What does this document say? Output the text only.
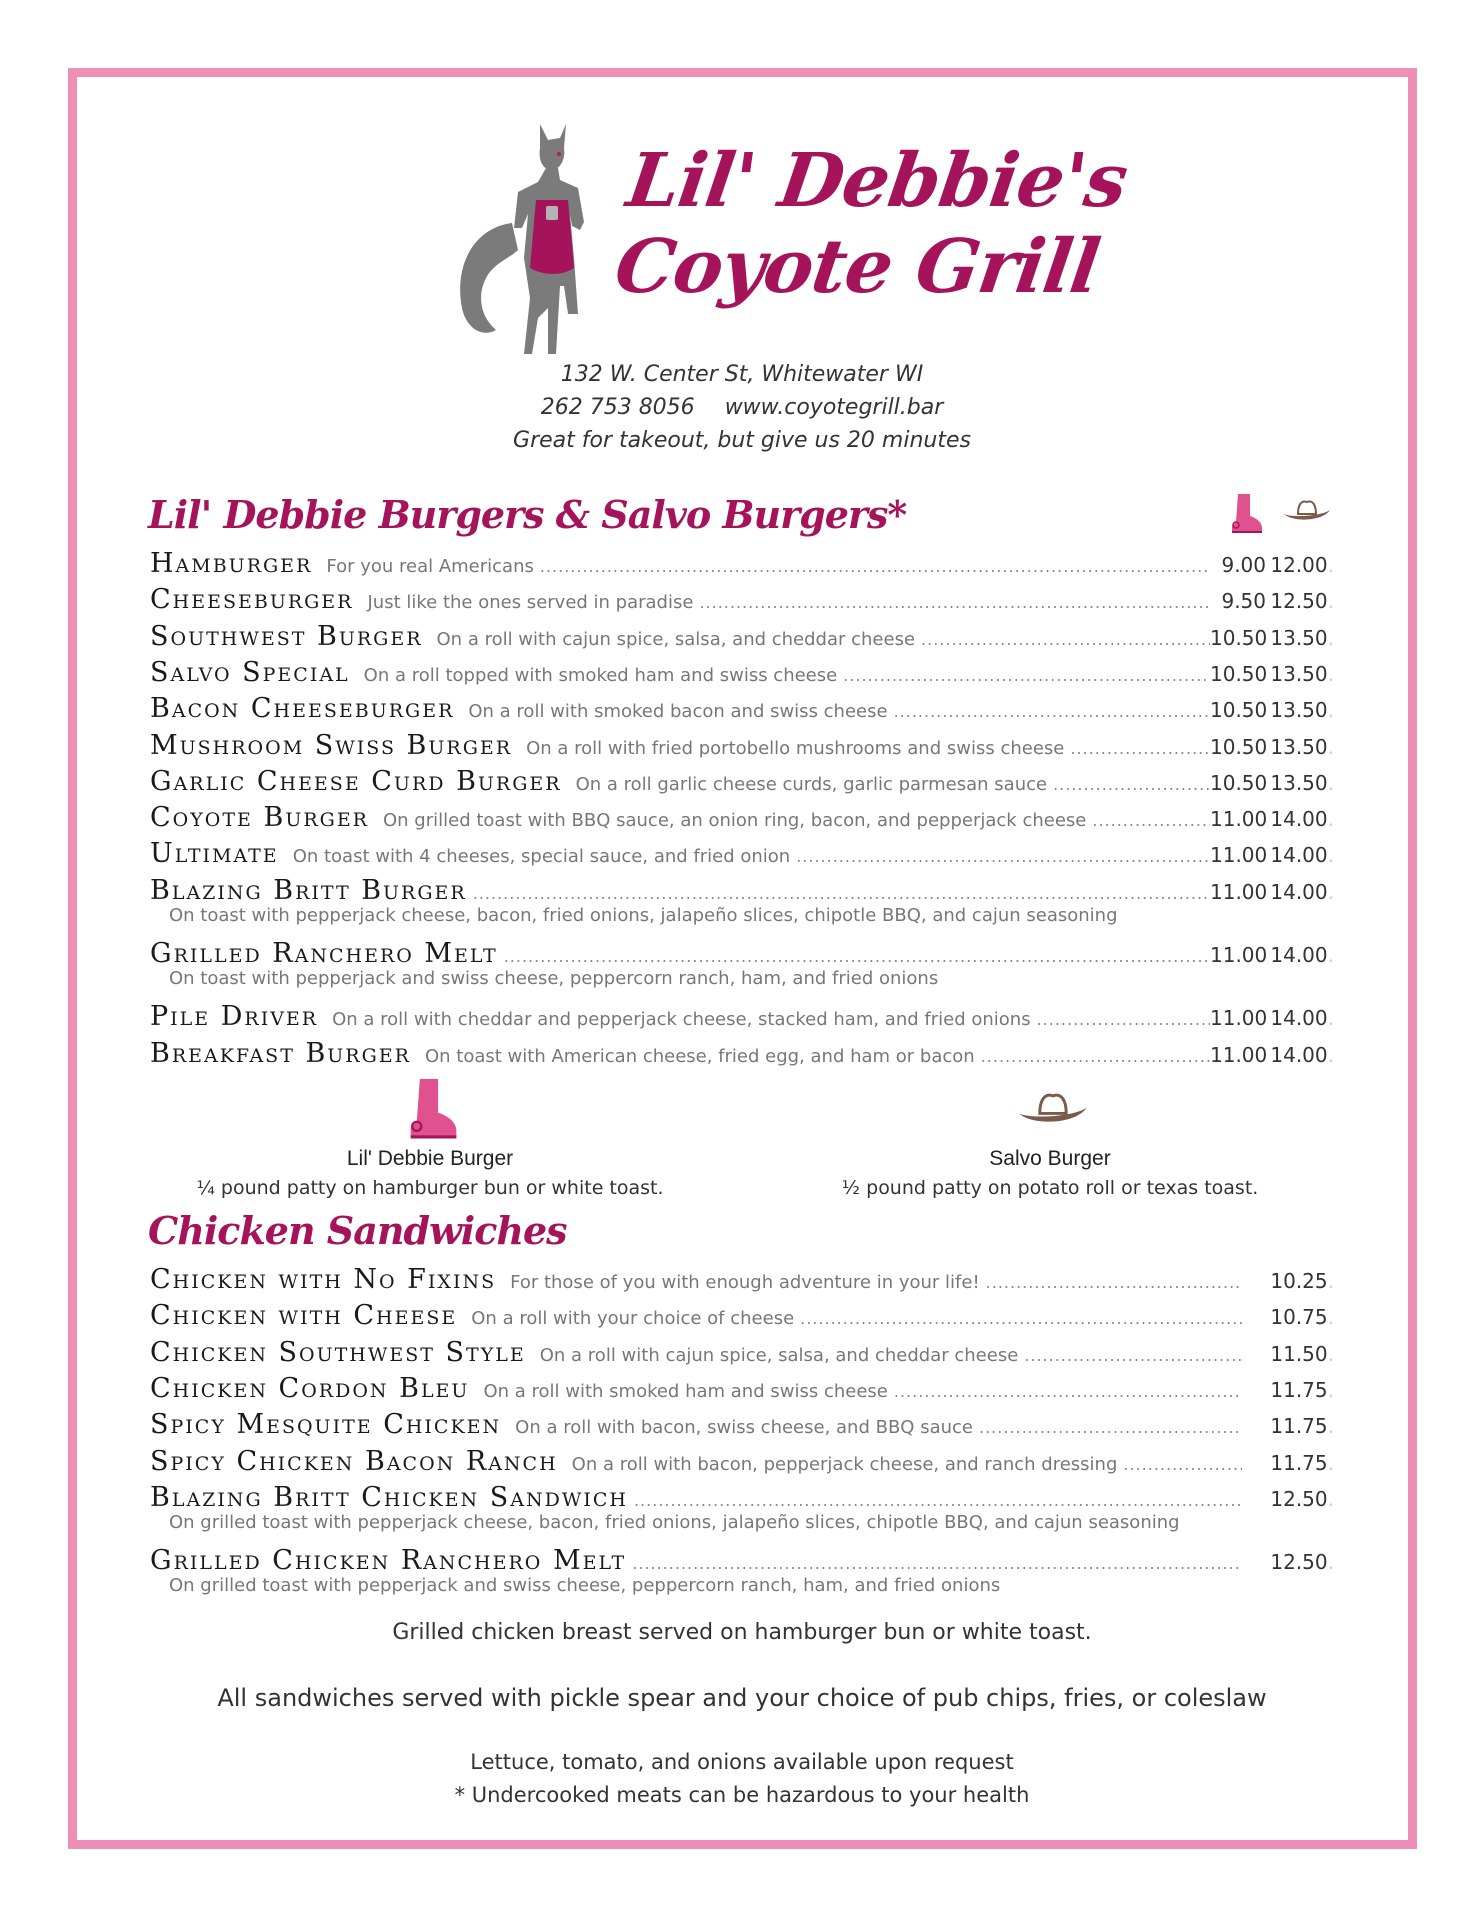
Lil' Debbie's
Coyote Grill
132 W. Center St, Whitewater WI
262 753 8056 www.coyotegrill.bar
Great for takeout, but give us 20 minutes
Lil' Debbie Burgers & Salvo Burgers*
Hamburger For you real Americans .....	9.00 12.00 .
Cheeseburger Just like the ones served in paradise .....	9.50 12.50 .
Southwest Burger On a roll with cajun spice, salsa, and cheddar cheese .....	10.50 13.50 .
Salvo Special On a roll topped with smoked ham and swiss cheese .....	10.50 13.50 .
Bacon Cheeseburger On a roll with smoked bacon and swiss cheese .....	10.50 13.50 .
Mushroom Swiss Burger On a roll with fried portobello mushrooms and swiss cheese .....	10.50 13.50 .
Garlic Cheese Curd Burger On a roll garlic cheese curds, garlic parmesan sauce .....	10.50 13.50 .
Coyote Burger On grilled toast with BBQ sauce, an onion ring, bacon, and pepperjack cheese .....	11.00 14.00 .
Ultimate On toast with 4 cheeses, special sauce, and fried onion .....	11.00 14.00 .
Blazing Britt Burger .....	11.00 14.00 .
On toast with pepperjack cheese, bacon, fried onions, jalapeño slices, chipotle BBQ, and cajun seasoning
Grilled Ranchero Melt .....	11.00 14.00 .
On toast with pepperjack and swiss cheese, peppercorn ranch, ham, and fried onions
Pile Driver On a roll with cheddar and pepperjack cheese, stacked ham, and fried onions .....	11.00 14.00 .
Breakfast Burger On toast with American cheese, fried egg, and ham or bacon .....	11.00 14.00 .
Lil' Debbie Burger
¼ pound patty on hamburger bun or white toast.
Salvo Burger
½ pound patty on potato roll or texas toast.
Chicken Sandwiches
Chicken with No Fixins For those of you with enough adventure in your life! .....	10.25 .
Chicken with Cheese On a roll with your choice of cheese .....	10.75 .
Chicken Southwest Style On a roll with cajun spice, salsa, and cheddar cheese .....	11.50 .
Chicken Cordon Bleu On a roll with smoked ham and swiss cheese .....	11.75 .
Spicy Mesquite Chicken On a roll with bacon, swiss cheese, and BBQ sauce .....	11.75 .
Spicy Chicken Bacon Ranch On a roll with bacon, pepperjack cheese, and ranch dressing .....	11.75 .
Blazing Britt Chicken Sandwich .....	12.50 .
On grilled toast with pepperjack cheese, bacon, fried onions, jalapeño slices, chipotle BBQ, and cajun seasoning
Grilled Chicken Ranchero Melt .....	12.50 .
On grilled toast with pepperjack and swiss cheese, peppercorn ranch, ham, and fried onions
Grilled chicken breast served on hamburger bun or white toast.
All sandwiches served with pickle spear and your choice of pub chips, fries, or coleslaw
Lettuce, tomato, and onions available upon request
* Undercooked meats can be hazardous to your health
